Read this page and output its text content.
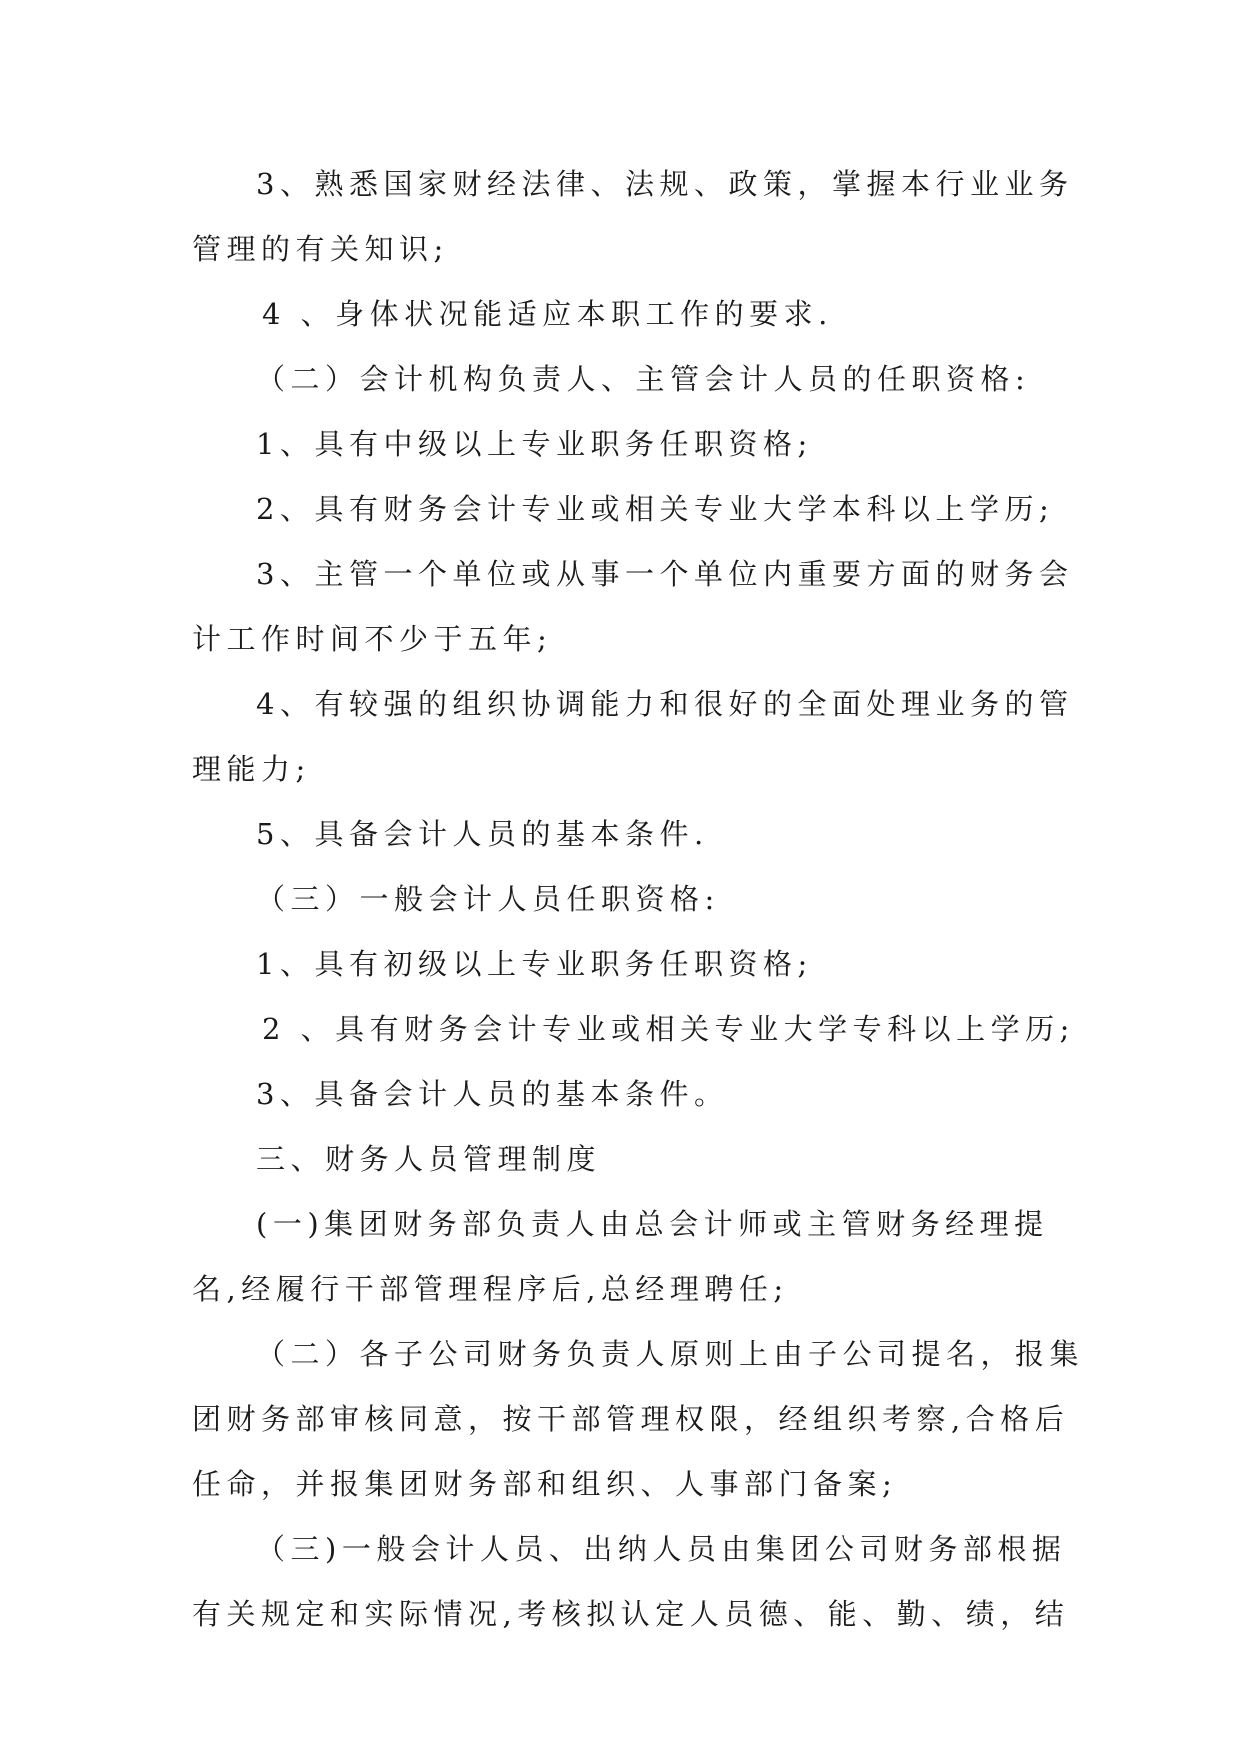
3、熟悉国家财经法律、法规、政策，掌握本行业业务

管理的有关知识;

4 、身体状况能适应本职工作的要求.

（二）会计机构负责人、主管会计人员的任职资格:

1、具有中级以上专业职务任职资格;

2、具有财务会计专业或相关专业大学本科以上学历;

3、主管一个单位或从事一个单位内重要方面的财务会

计工作时间不少于五年;

4、有较强的组织协调能力和很好的全面处理业务的管

理能力;

5、具备会计人员的基本条件.

（三）一般会计人员任职资格:

1、具有初级以上专业职务任职资格;

2 、具有财务会计专业或相关专业大学专科以上学历;

3、具备会计人员的基本条件。

三、财务人员管理制度

(一)集团财务部负责人由总会计师或主管财务经理提

名,经履行干部管理程序后,总经理聘任;

（二）各子公司财务负责人原则上由子公司提名，报集

团财务部审核同意，按干部管理权限，经组织考察,合格后

任命，并报集团财务部和组织、人事部门备案;

（三)一般会计人员、出纳人员由集团公司财务部根据

有关规定和实际情况,考核拟认定人员德、能、勤、绩，结
